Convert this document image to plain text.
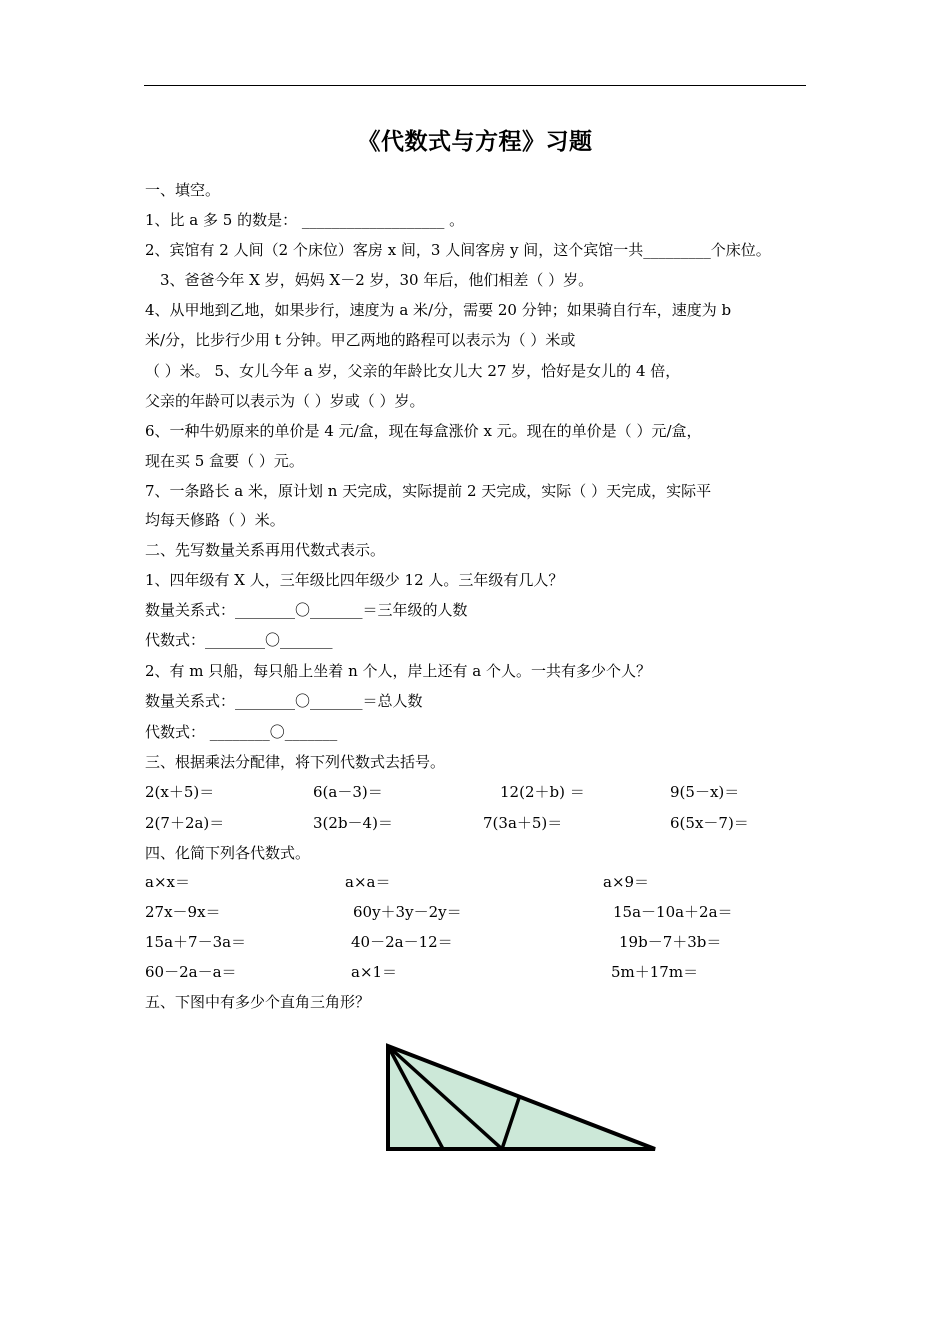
《代数式与方程》习题
一、填空。
1、比 a 多 5 的数是： ___________________ 。
2、宾馆有 2 人间（2 个床位）客房 x 间，3 人间客房 y 间，这个宾馆一共_________个床位。
3、爸爸今年 X 岁，妈妈 X－2 岁，30 年后，他们相差（ ）岁。
4、从甲地到乙地，如果步行，速度为 a 米/分，需要 20 分钟；如果骑自行车，速度为 b
米/分，比步行少用 t 分钟。甲乙两地的路程可以表示为（ ）米或
（ ）米。 5、女儿今年 a 岁，父亲的年龄比女儿大 27 岁，恰好是女儿的 4 倍，
父亲的年龄可以表示为（ ）岁或（ ）岁。
6、一种牛奶原来的单价是 4 元/盒，现在每盒涨价 x 元。现在的单价是（ ）元/盒，
现在买 5 盒要（ ）元。
7、一条路长 a 米，原计划 n 天完成，实际提前 2 天完成，实际（ ）天完成，实际平
均每天修路（ ）米。
二、先写数量关系再用代数式表示。
1、四年级有 X 人，三年级比四年级少 12 人。三年级有几人？
数量关系式：________〇_______＝三年级的人数
代数式：________〇_______
2、有 m 只船，每只船上坐着 n 个人，岸上还有 a 个人。一共有多少个人？
数量关系式：________〇_______＝总人数
代数式： ________〇_______
三、根据乘法分配律，将下列代数式去括号。
2(x＋5)＝	6(a－3)＝	12(2＋b) ＝	9(5－x)＝
2(7＋2a)＝	3(2b－4)＝	7(3a＋5)＝	6(5x－7)＝
四、化简下列各代数式。
a×x＝	a×a＝	a×9＝
27x－9x＝	60y＋3y－2y＝	15a－10a＋2a＝
15a＋7－3a＝	40－2a－12＝	19b－7＋3b＝
60－2a－a＝	a×1＝	5m＋17m＝
五、下图中有多少个直角三角形？
